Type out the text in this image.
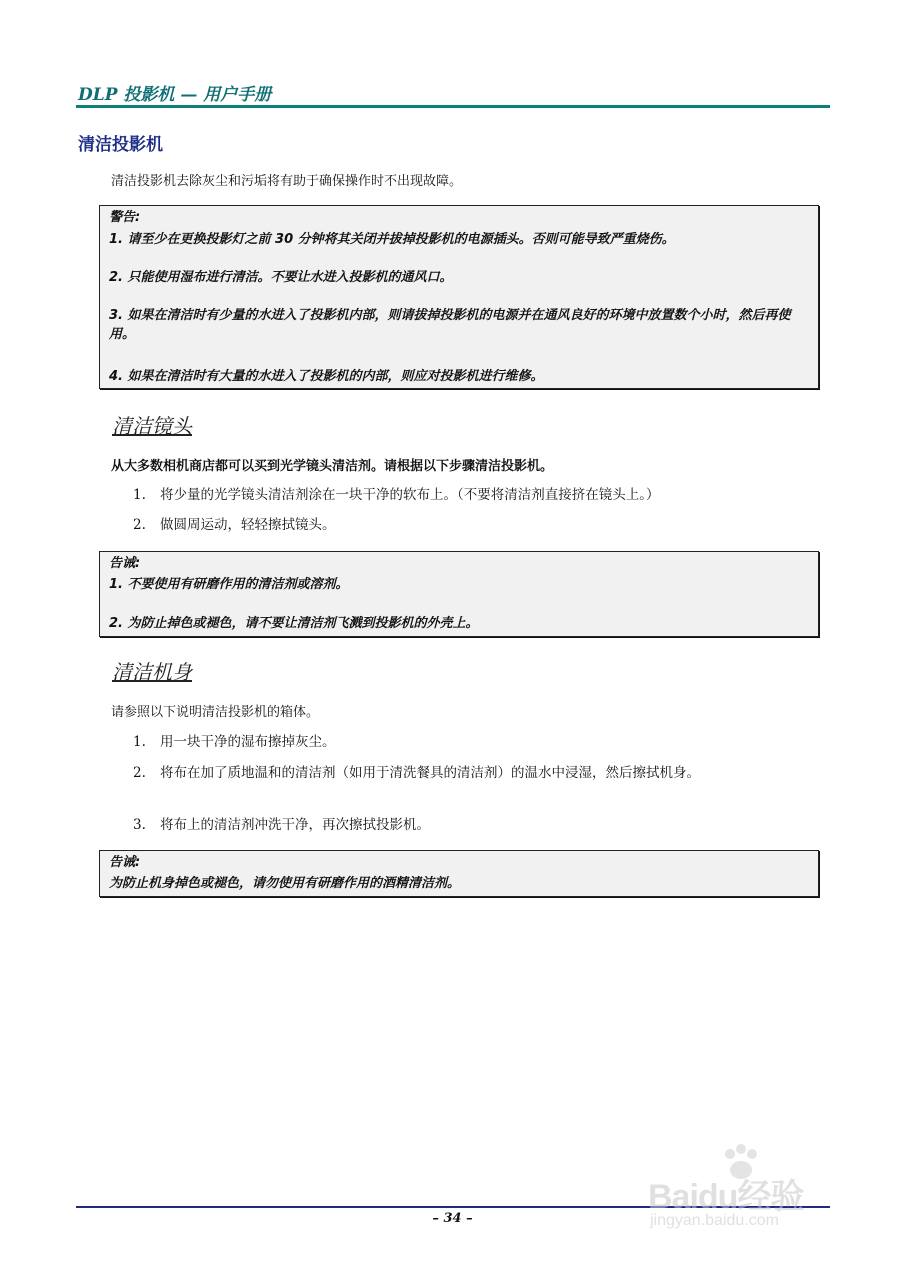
DLP 投影机 — 用户手册
清洁投影机
清洁投影机去除灰尘和污垢将有助于确保操作时不出现故障。
警告:
1. 请至少在更换投影灯之前 30 分钟将其关闭并拔掉投影机的电源插头。否则可能导致严重烧伤。
2. 只能使用湿布进行清洁。不要让水进入投影机的通风口。
3. 如果在清洁时有少量的水进入了投影机内部，则请拔掉投影机的电源并在通风良好的环境中放置数个小时，然后再使用。
4. 如果在清洁时有大量的水进入了投影机的内部，则应对投影机进行维修。
清洁镜头
从大多数相机商店都可以买到光学镜头清洁剂。请根据以下步骤清洁投影机。
1.	将少量的光学镜头清洁剂涂在一块干净的软布上。（不要将清洁剂直接挤在镜头上。）
2.	做圆周运动，轻轻擦拭镜头。
告诫:
1. 不要使用有研磨作用的清洁剂或溶剂。
2. 为防止掉色或褪色，请不要让清洁剂飞溅到投影机的外壳上。
清洁机身
请参照以下说明清洁投影机的箱体。
1.	用一块干净的湿布擦掉灰尘。
2.	将布在加了质地温和的清洁剂（如用于清洗餐具的清洁剂）的温水中浸湿，然后擦拭机身。
3.	将布上的清洁剂冲洗干净，再次擦拭投影机。
告诫:
为防止机身掉色或褪色，请勿使用有研磨作用的酒精清洁剂。
– 34 –
Baidu经验
jingyan.baidu.com
